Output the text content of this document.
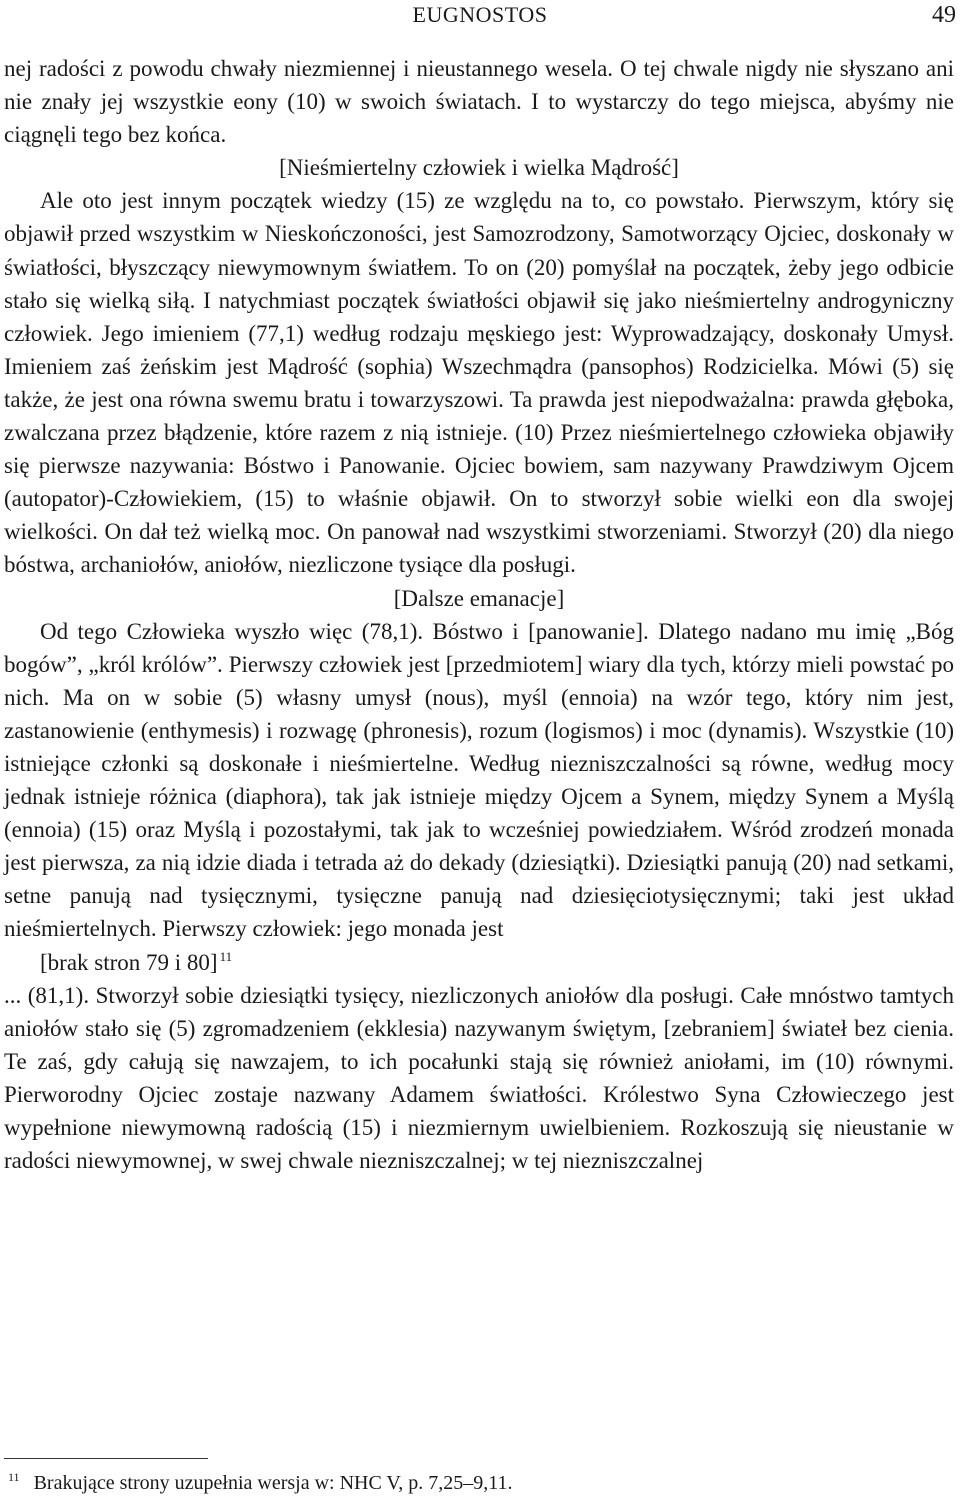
EUGNOSTOS	49

nej radości z powodu chwały niezmiennej i nieustannego wesela. O tej chwale nigdy nie słyszano ani nie znały jej wszystkie eony (10) w swoich światach. I to wystarczy do tego miejsca, abyśmy nie ciągnęli tego bez końca.

[Nieśmiertelny człowiek i wielka Mądrość]

Ale oto jest innym początek wiedzy (15) ze względu na to, co powstało. Pierwszym, który się objawił przed wszystkim w Nieskończoności, jest Samozrodzony, Samotworzący Ojciec, doskonały w światłości, błyszczący niewymownym światłem. To on (20) pomyślał na początek, żeby jego odbicie stało się wielką siłą. I natychmiast początek światłości objawił się jako nieśmiertelny androgyniczny człowiek. Jego imieniem (77,1) według rodzaju męskiego jest: Wyprowadzający, doskonały Umysł. Imieniem zaś żeńskim jest Mądrość (sophia) Wszechmądra (pansophos) Rodzicielka. Mówi (5) się także, że jest ona równa swemu bratu i towarzyszowi. Ta prawda jest niepodważalna: prawda głęboka, zwalczana przez błądzenie, które razem z nią istnieje. (10) Przez nieśmiertelnego człowieka objawiły się pierwsze nazywania: Bóstwo i Panowanie. Ojciec bowiem, sam nazywany Prawdziwym Ojcem (autopator)-Człowiekiem, (15) to właśnie objawił. On to stworzył sobie wielki eon dla swojej wielkości. On dał też wielką moc. On panował nad wszystkimi stworzeniami. Stworzył (20) dla niego bóstwa, archaniołów, aniołów, niezliczone tysiące dla posługi.

[Dalsze emanacje]

Od tego Człowieka wyszło więc (78,1). Bóstwo i [panowanie]. Dlatego nadano mu imię „Bóg bogów”, „król królów”. Pierwszy człowiek jest [przedmiotem] wiary dla tych, którzy mieli powstać po nich. Ma on w sobie (5) własny umysł (nous), myśl (ennoia) na wzór tego, który nim jest, zastanowienie (enthymesis) i rozwagę (phronesis), rozum (logismos) i moc (dynamis). Wszystkie (10) istniejące członki są doskonałe i nieśmiertelne. Według niezniszczalności są równe, według mocy jednak istnieje różnica (diaphora), tak jak istnieje między Ojcem a Synem, między Synem a Myślą (ennoia) (15) oraz Myślą i pozostałymi, tak jak to wcześniej powiedziałem. Wśród zrodzeń monada jest pierwsza, za nią idzie diada i tetrada aż do dekady (dziesiątki). Dziesiątki panują (20) nad setkami, setne panują nad tysięcznymi, tysięczne panują nad dziesięciotysięcznymi; taki jest układ nieśmiertelnych. Pierwszy człowiek: jego monada jest

[brak stron 79 i 80] $^{11}$

... (81,1). Stworzył sobie dziesiątki tysięcy, niezliczonych aniołów dla posługi. Całe mnóstwo tamtych aniołów stało się (5) zgromadzeniem (ekklesia) nazywanym świętym, [zebraniem] świateł bez cienia. Te zaś, gdy całują się nawzajem, to ich pocałunki stają się również aniołami, im (10) równymi. Pierworodny Ojciec zostaje nazwany Adamem światłości. Królestwo Syna Człowieczego jest wypełnione niewymowną radością (15) i niezmiernym uwielbieniem. Rozkoszują się nieustanie w radości niewymownej, w swej chwale niezniszczalnej; w tej niezniszczalnej

$^{11}$ Brakujące strony uzupełnia wersja w: NHC V, p. 7,25–9,11.
